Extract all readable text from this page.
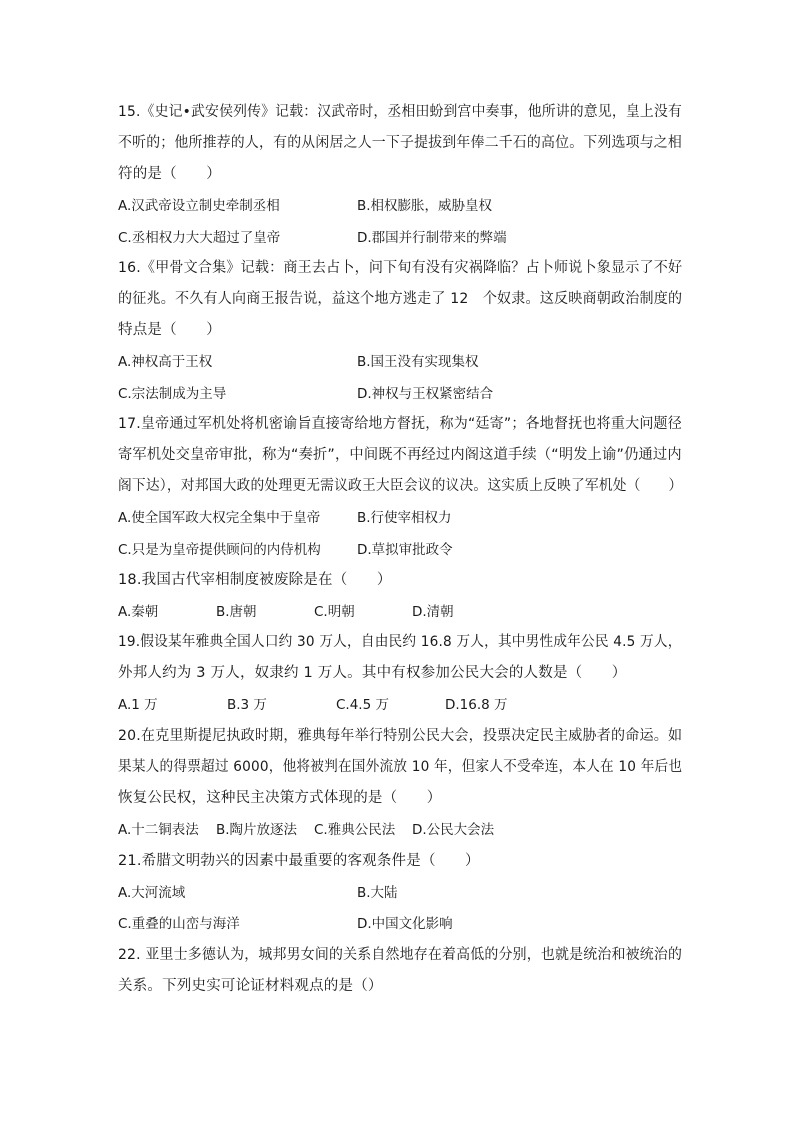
15.《史记•武安侯列传》记载：汉武帝时，丞相田蚡到宫中奏事，他所讲的意见，皇上没有
不听的；他所推荐的人，有的从闲居之人一下子提拔到年俸二千石的高位。下列选项与之相
符的是（　　）
A.汉武帝设立制史牵制丞相	B.相权膨胀，威胁皇权
C.丞相权力大大超过了皇帝	D.郡国并行制带来的弊端
16.《甲骨文合集》记载：商王去占卜，问下旬有没有灾祸降临？占卜师说卜象显示了不好
的征兆。不久有人向商王报告说，益这个地方逃走了 12　个奴隶。这反映商朝政治制度的
特点是（　　）
A.神权高于王权	B.国王没有实现集权
C.宗法制成为主导	D.神权与王权紧密结合
17.皇帝通过军机处将机密谕旨直接寄给地方督抚，称为“廷寄”；各地督抚也将重大问题径
寄军机处交皇帝审批，称为“奏折”，中间既不再经过内阁这道手续（“明发上谕”仍通过内
阁下达），对邦国大政的处理更无需议政王大臣会议的议决。这实质上反映了军机处（　　）
A.使全国军政大权完全集中于皇帝	B.行使宰相权力
C.只是为皇帝提供顾问的内侍机构	D.草拟审批政令
18.我国古代宰相制度被废除是在（　　）
A.秦朝	B.唐朝	C.明朝	D.清朝
19.假设某年雅典全国人口约 30 万人，自由民约 16.8 万人，其中男性成年公民 4.5 万人，
外邦人约为 3 万人，奴隶约 1 万人。其中有权参加公民大会的人数是（　　）
A.1 万	B.3 万	C.4.5 万	D.16.8 万
20.在克里斯提尼执政时期，雅典每年举行特别公民大会，投票决定民主威胁者的命运。如
果某人的得票超过 6000，他将被判在国外流放 10 年，但家人不受牵连，本人在 10 年后也
恢复公民权，这种民主决策方式体现的是（　　）
A.十二铜表法 B.陶片放逐法 C.雅典公民法 D.公民大会法
21.希腊文明勃兴的因素中最重要的客观条件是（　　）
A.大河流域	B.大陆
C.重叠的山峦与海洋	D.中国文化影响
22. 亚里士多德认为，城邦男女间的关系自然地存在着高低的分别，也就是统治和被统治的
关系。下列史实可论证材料观点的是（）
